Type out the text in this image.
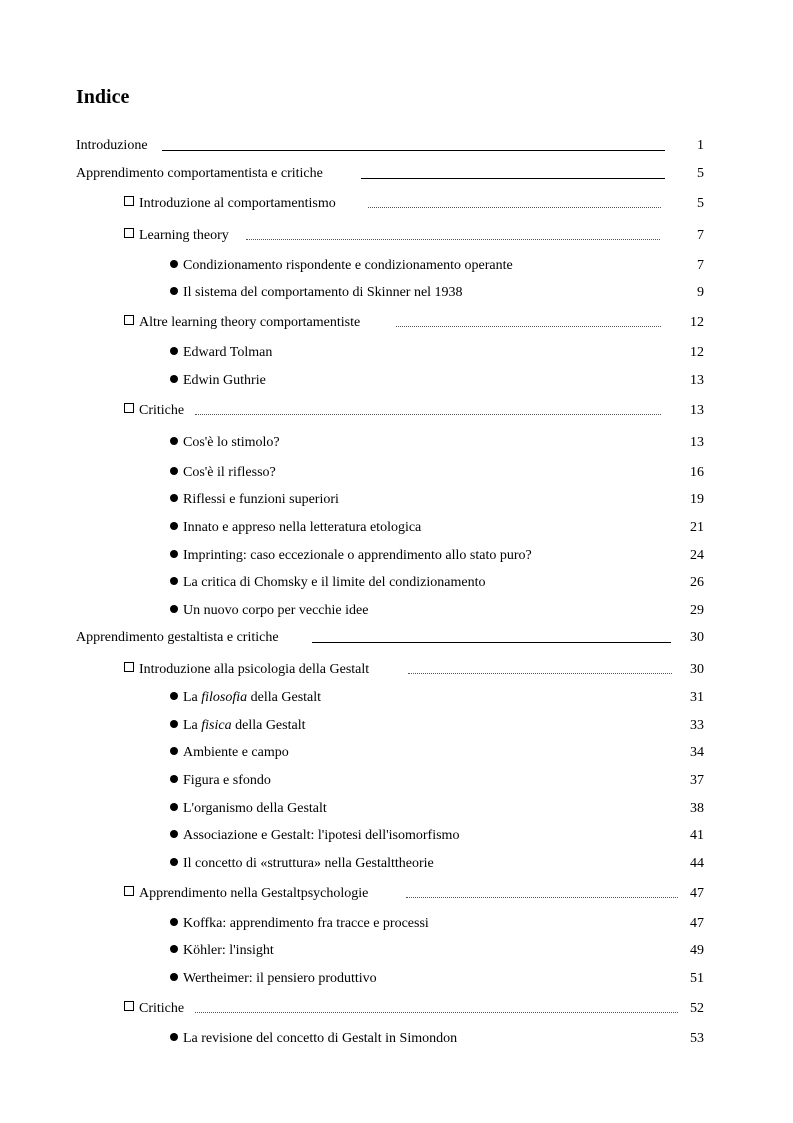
Indice
Introduzione	1
Apprendimento comportamentista e critiche	5
Introduzione al comportamentismo	5
Learning theory	7
Condizionamento rispondente e condizionamento operante	7
Il sistema del comportamento di Skinner nel 1938	9
Altre learning theory comportamentiste	12
Edward Tolman	12
Edwin Guthrie	13
Critiche	13
Cos'è lo stimolo?	13
Cos'è il riflesso?	16
Riflessi e funzioni superiori	19
Innato e appreso nella letteratura etologica	21
Imprinting: caso eccezionale o apprendimento allo stato puro?	24
La critica di Chomsky e il limite del condizionamento	26
Un nuovo corpo per vecchie idee	29
Apprendimento gestaltista e critiche	30
Introduzione alla psicologia della Gestalt	30
La filosofia della Gestalt	31
La fisica della Gestalt	33
Ambiente e campo	34
Figura e sfondo	37
L'organismo della Gestalt	38
Associazione e Gestalt: l'ipotesi dell'isomorfismo	41
Il concetto di «struttura» nella Gestalttheorie	44
Apprendimento nella Gestaltpsychologie	47
Koffka: apprendimento fra tracce e processi	47
Köhler: l'insight	49
Wertheimer: il pensiero produttivo	51
Critiche	52
La revisione del concetto di Gestalt in Simondon	53
